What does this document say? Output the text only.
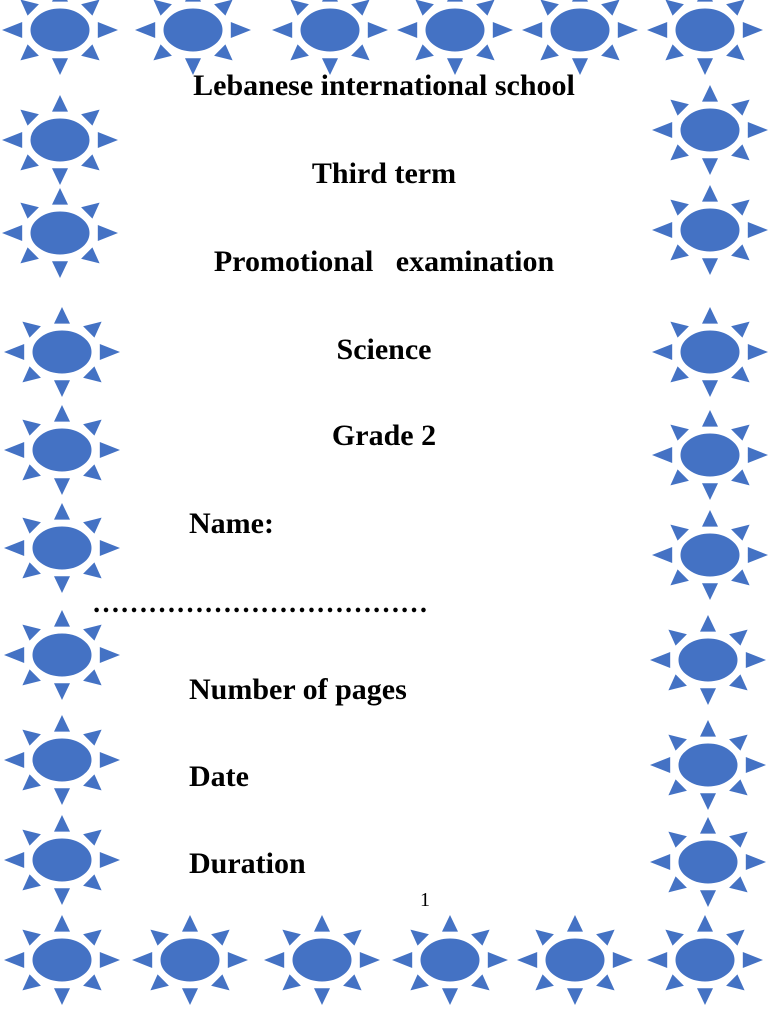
Lebanese international school
Third term
Promotional   examination
Science
Grade 2
Name:
………………………………
Number of pages
Date
Duration
1
